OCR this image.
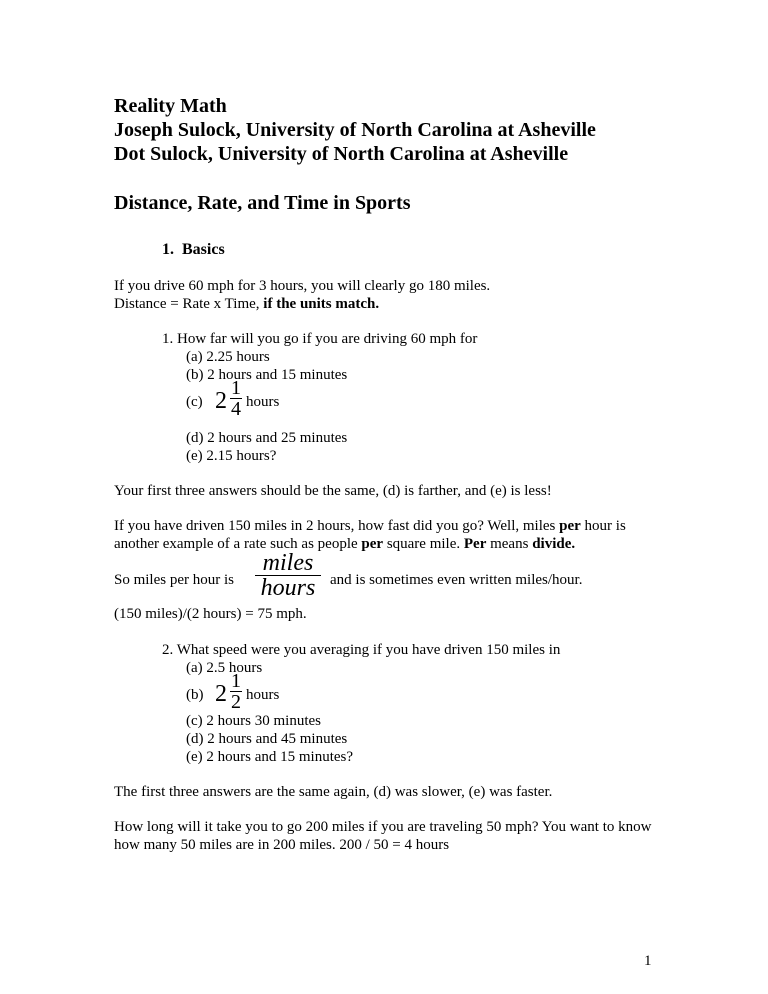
Reality Math
Joseph Sulock, University of North Carolina at Asheville
Dot Sulock, University of North Carolina at Asheville
Distance, Rate, and Time in Sports
1. Basics
If you drive 60 mph for 3 hours, you will clearly go 180 miles.
Distance = Rate x Time, if the units match.
1. How far will you go if you are driving 60 mph for
(a) 2.25 hours
(b) 2 hours and 15 minutes
(c) 2 1
4 hours
(d) 2 hours and 25 minutes
(e) 2.15 hours?
Your first three answers should be the same, (d) is farther, and (e) is less!
If you have driven 150 miles in 2 hours, how fast did you go? Well, miles per hour is
another example of a rate such as people per square mile. Per means divide.
So miles per hour is
miles
hours and is sometimes even written miles/hour.
(150 miles)/(2 hours) = 75 mph.
2. What speed were you averaging if you have driven 150 miles in
(a) 2.5 hours
(b) 2 1
2 hours
(c) 2 hours 30 minutes
(d) 2 hours and 45 minutes
(e) 2 hours and 15 minutes?
The first three answers are the same again, (d) was slower, (e) was faster.
How long will it take you to go 200 miles if you are traveling 50 mph? You want to know
how many 50 miles are in 200 miles. 200 / 50 = 4 hours
1
